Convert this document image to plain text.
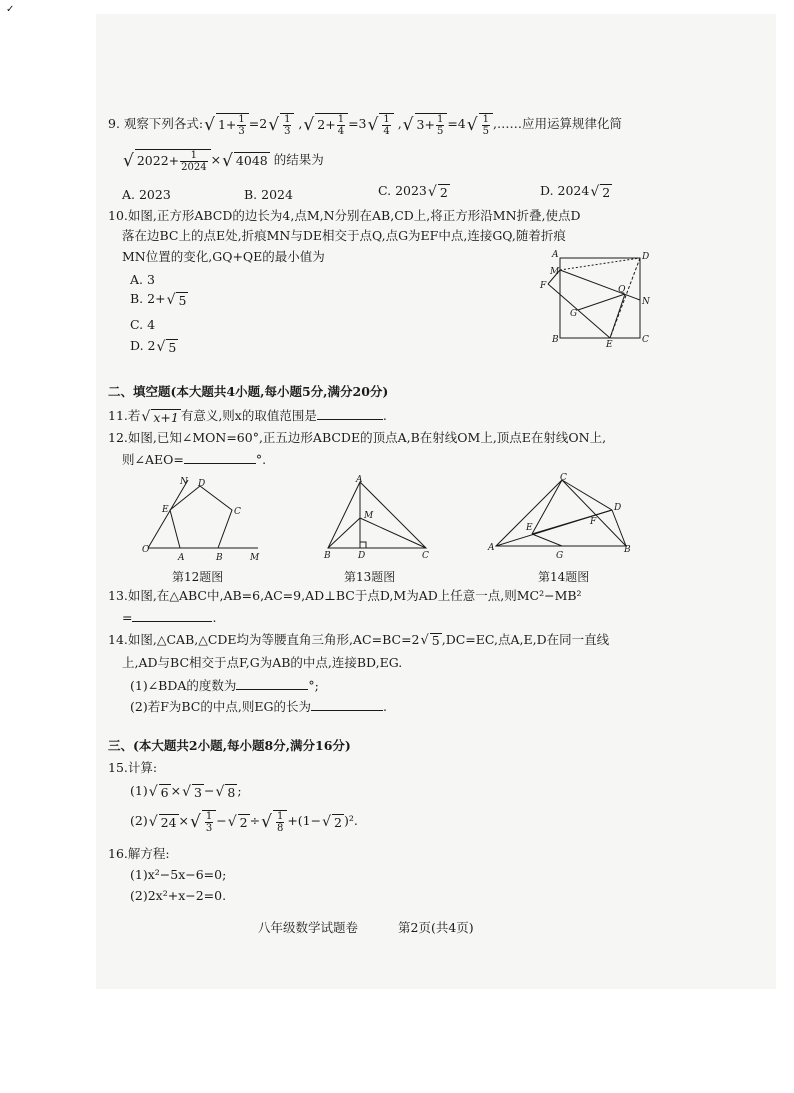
✓
9. 观察下列各式:√ $1+ \frac{1}{3} =2√ \frac{1}{3}$ ,√ $2+ \frac{1}{4} =3√ \frac{1}{4}$ ,√ $3+ \frac{1}{5} =4√ \frac{1}{5}$ ,……应用运算规律化简
√ $2022+ \frac{1}{2024}$ ×√ 4048 的结果为
A. 2023	B. 2024	C. 2023√ 2	D. 2024√ 2
10.如图,正方形ABCD的边长为4,点M,N分别在AB,CD上,将正方形沿MN折叠,使点D
落在边BC上的点E处,折痕MN与DE相交于点Q,点G为EF中点,连接GQ,随着折痕
MN位置的变化,GQ+QE的最小值为
A. 3
B. 2+√ 5
C. 4
D. 2√ 5
A	D
M
F	Q
N
G
B	E	C
二、填空题(本大题共4小题,每小题5分,满分20分)
11.若√ x+1 有意义,则x的取值范围是	.
12.如图,已知∠MON=60°,正五边形ABCDE的顶点A,B在射线OM上,顶点E在射线ON上,
则∠AEO=	°.
N D
E	C
O
A	B	M
第12题图
A
M
B	D	C
第13题图
C
D
E
F
A
G
B
第14题图
13.如图,在△ABC中,AB=6,AC=9,AD⊥BC于点D,M为AD上任意一点,则MC²−MB²
=	.
14.如图,△CAB,△CDE均为等腰直角三角形,AC=BC=2√ 5 ,DC=EC,点A,E,D在同一直线
上,AD与BC相交于点F,G为AB的中点,连接BD,EG.
(1)∠BDA的度数为	°;
(2)若F为BC的中点,则EG的长为	.
三、(本大题共2小题,每小题8分,满分16分)
15.计算:
(1)√ 6 ×√ 3 −√ 8 ;
(2)√ 24 ×√ $\frac{1}{3}$ −√ 2 ÷√ $\frac{1}{8} +(1-√$ 2 )².
16.解方程:
(1)x²−5x−6=0;
(2)2x²+x−2=0.
八年级数学试题卷	第2页(共4页)
